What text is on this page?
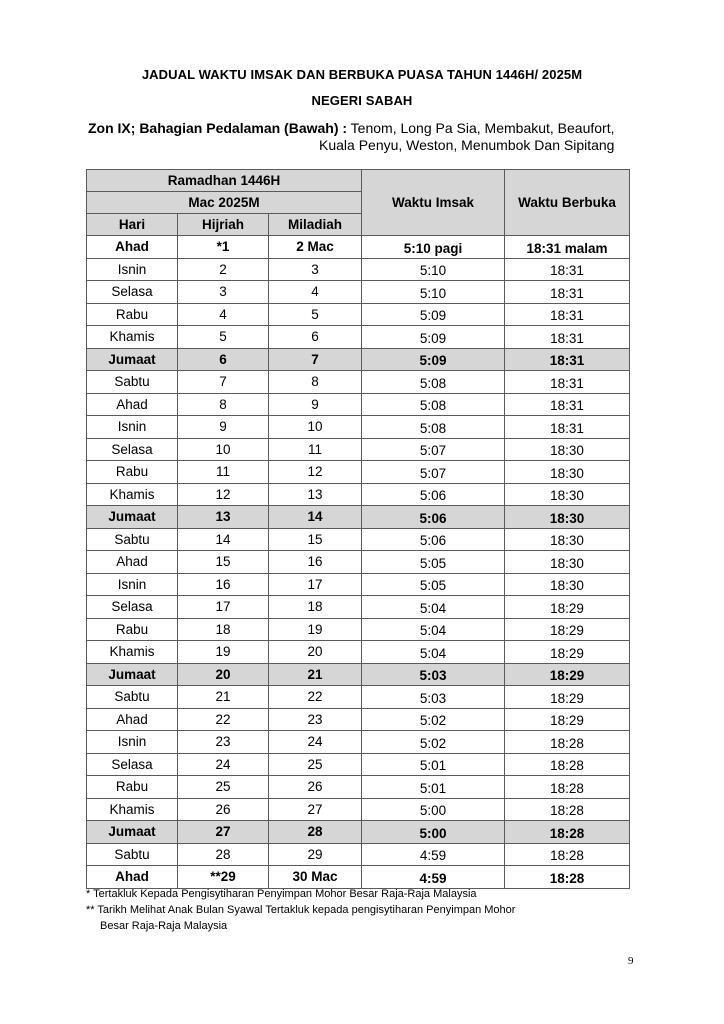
JADUAL WAKTU IMSAK DAN BERBUKA PUASA TAHUN 1446H/ 2025M
NEGERI SABAH
Zon IX; Bahagian Pedalaman (Bawah) : Tenom, Long Pa Sia, Membakut, Beaufort,
Kuala Penyu, Weston, Menumbok Dan Sipitang
Ramadhan 1446H			Waktu Imsak	Waktu Berbuka
Mac 2025M				
Hari	Hijriah	Miladiah		
Ahad	*1	2 Mac	5:10 pagi	18:31 malam
Isnin	2	3	5:10	18:31
Selasa	3	4	5:10	18:31
Rabu	4	5	5:09	18:31
Khamis	5	6	5:09	18:31
Jumaat	6	7	5:09	18:31
Sabtu	7	8	5:08	18:31
Ahad	8	9	5:08	18:31
Isnin	9	10	5:08	18:31
Selasa	10	11	5:07	18:30
Rabu	11	12	5:07	18:30
Khamis	12	13	5:06	18:30
Jumaat	13	14	5:06	18:30
Sabtu	14	15	5:06	18:30
Ahad	15	16	5:05	18:30
Isnin	16	17	5:05	18:30
Selasa	17	18	5:04	18:29
Rabu	18	19	5:04	18:29
Khamis	19	20	5:04	18:29
Jumaat	20	21	5:03	18:29
Sabtu	21	22	5:03	18:29
Ahad	22	23	5:02	18:29
Isnin	23	24	5:02	18:28
Selasa	24	25	5:01	18:28
Rabu	25	26	5:01	18:28
Khamis	26	27	5:00	18:28
Jumaat	27	28	5:00	18:28
Sabtu	28	29	4:59	18:28
Ahad	**29	30 Mac	4:59	18:28
* Tertakluk Kepada Pengisytiharan Penyimpan Mohor Besar Raja-Raja Malaysia
** Tarikh Melihat Anak Bulan Syawal Tertakluk kepada pengisytiharan Penyimpan Mohor
Besar Raja-Raja Malaysia
9
